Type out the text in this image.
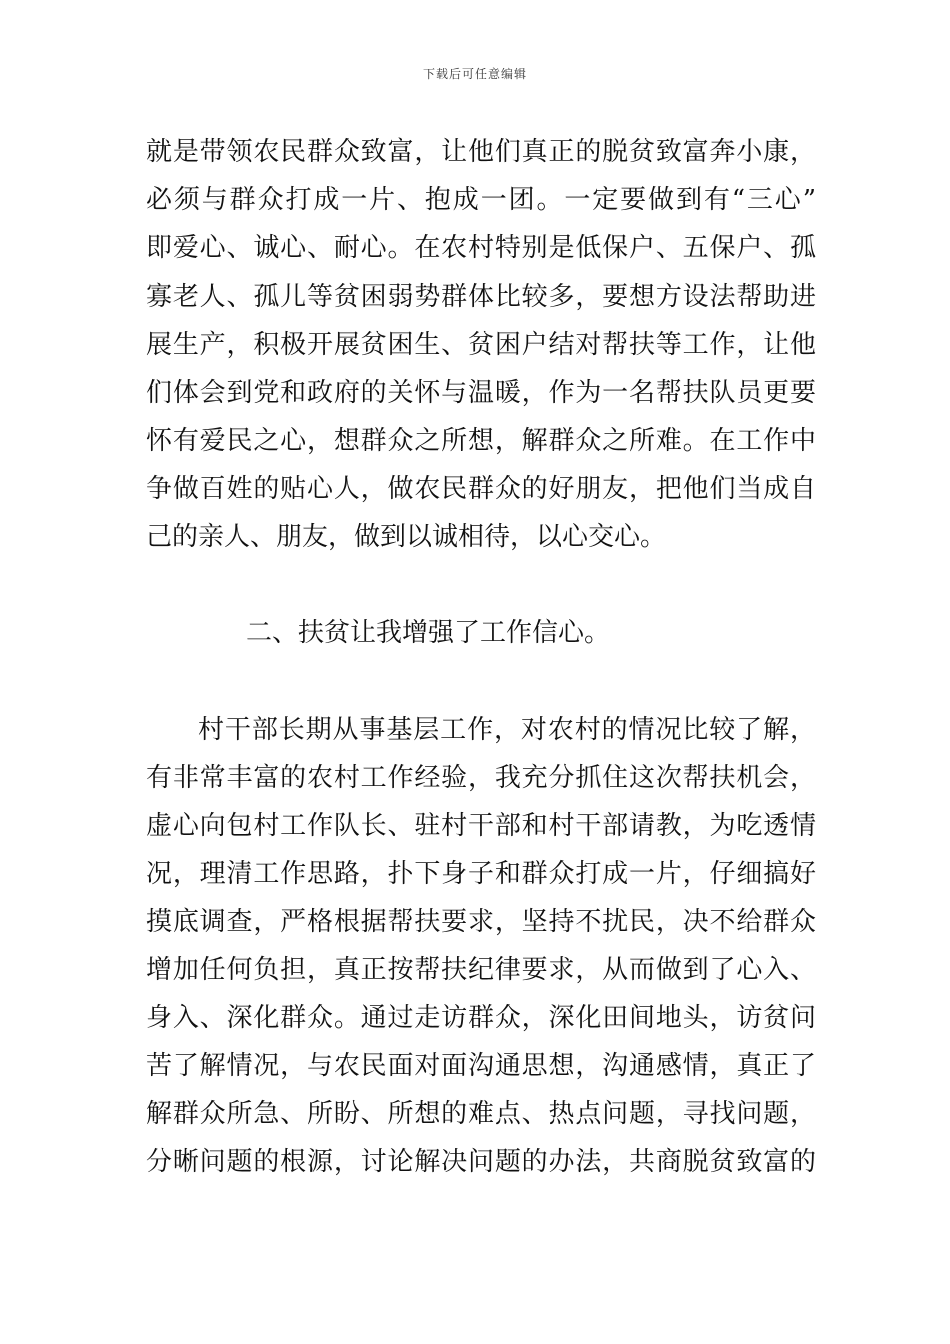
下载后可任意编辑
就是带领农民群众致富，让他们真正的脱贫致富奔小康，
必须与群众打成一片、抱成一团。一定要做到有“三心”
即爱心、诚心、耐心。在农村特别是低保户、五保户、孤
寡老人、孤儿等贫困弱势群体比较多，要想方设法帮助进
展生产，积极开展贫困生、贫困户结对帮扶等工作，让他
们体会到党和政府的关怀与温暖，作为一名帮扶队员更要
怀有爱民之心，想群众之所想，解群众之所难。在工作中
争做百姓的贴心人，做农民群众的好朋友，把他们当成自
己的亲人、朋友，做到以诚相待，以心交心。
二、扶贫让我增强了工作信心。
村干部长期从事基层工作，对农村的情况比较了解，
有非常丰富的农村工作经验，我充分抓住这次帮扶机会，
虚心向包村工作队长、驻村干部和村干部请教，为吃透情
况，理清工作思路，扑下身子和群众打成一片，仔细搞好
摸底调查，严格根据帮扶要求，坚持不扰民，决不给群众
增加任何负担，真正按帮扶纪律要求，从而做到了心入、
身入、深化群众。通过走访群众，深化田间地头，访贫问
苦了解情况，与农民面对面沟通思想，沟通感情，真正了
解群众所急、所盼、所想的难点、热点问题，寻找问题，
分晰问题的根源，讨论解决问题的办法，共商脱贫致富的
